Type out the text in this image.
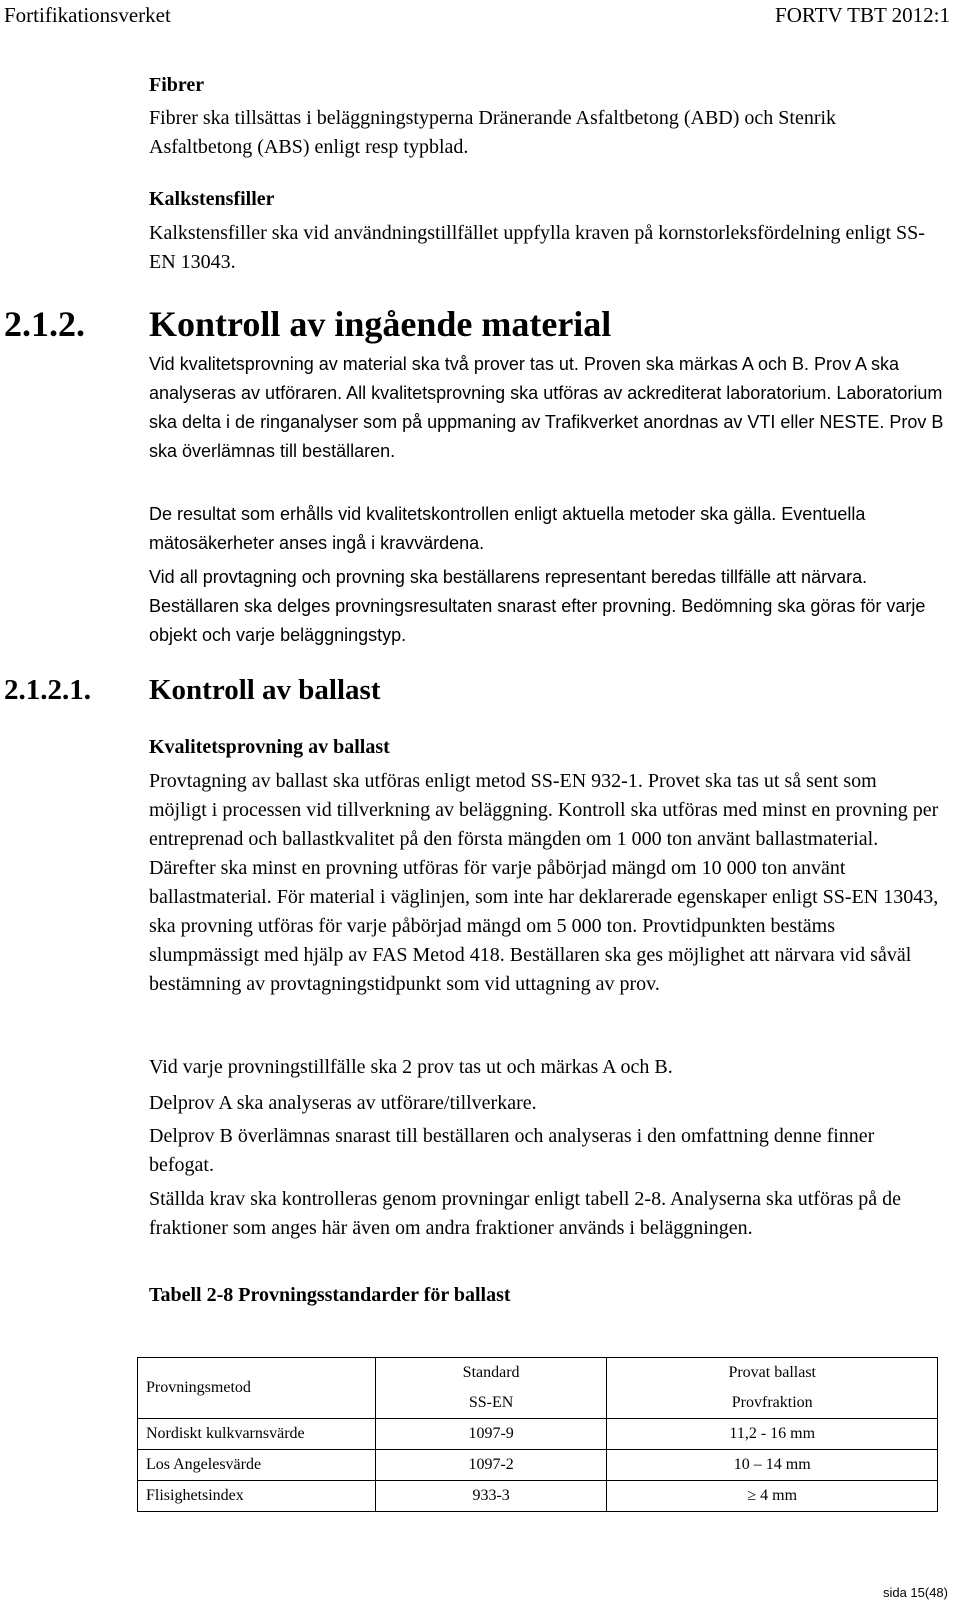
Fortifikationsverket	FORTV TBT 2012:1

Fibrer

Fibrer ska tillsättas i beläggningstyperna Dränerande Asfaltbetong (ABD) och Stenrik Asfaltbetong (ABS) enligt resp typblad.

Kalkstensfiller

Kalkstensfiller ska vid användningstillfället uppfylla kraven på kornstorleksfördelning enligt SS-EN 13043.

2.1.2. Kontroll av ingående material

Vid kvalitetsprovning av material ska två prover tas ut. Proven ska märkas A och B. Prov A ska analyseras av utföraren. All kvalitetsprovning ska utföras av ackrediterat laboratorium. Laboratorium ska delta i de ringanalyser som på uppmaning av Trafikverket anordnas av VTI eller NESTE. Prov B ska överlämnas till beställaren.

De resultat som erhålls vid kvalitetskontrollen enligt aktuella metoder ska gälla. Eventuella mätosäkerheter anses ingå i kravvärdena.

Vid all provtagning och provning ska beställarens representant beredas tillfälle att närvara. Beställaren ska delges provningsresultaten snarast efter provning. Bedömning ska göras för varje objekt och varje beläggningstyp.

2.1.2.1. Kontroll av ballast

Kvalitetsprovning av ballast

Provtagning av ballast ska utföras enligt metod SS-EN 932-1. Provet ska tas ut så sent som möjligt i processen vid tillverkning av beläggning. Kontroll ska utföras med minst en provning per entreprenad och ballastkvalitet på den första mängden om 1 000 ton använt ballastmaterial. Därefter ska minst en provning utföras för varje påbörjad mängd om 10 000 ton använt ballastmaterial. För material i väglinjen, som inte har deklarerade egenskaper enligt SS-EN 13043, ska provning utföras för varje påbörjad mängd om 5 000 ton. Provtidpunkten bestäms slumpmässigt med hjälp av FAS Metod 418. Beställaren ska ges möjlighet att närvara vid såväl bestämning av provtagningstidpunkt som vid uttagning av prov.

Vid varje provningstillfälle ska 2 prov tas ut och märkas A och B.

Delprov A ska analyseras av utförare/tillverkare.

Delprov B överlämnas snarast till beställaren och analyseras i den omfattning denne finner befogat.

Ställda krav ska kontrolleras genom provningar enligt tabell 2-8. Analyserna ska utföras på de fraktioner som anges här även om andra fraktioner används i beläggningen.

Tabell 2-8 Provningsstandarder för ballast

Provningsmetod	Standard	Provat ballast
	SS-EN	Provfraktion
Nordiskt kulkvarnsvärde	1097-9	11,2 - 16 mm
Los Angelesvärde	1097-2	10 – 14 mm
Flisighetsindex	933-3	≥ 4 mm
sida 15(48)
